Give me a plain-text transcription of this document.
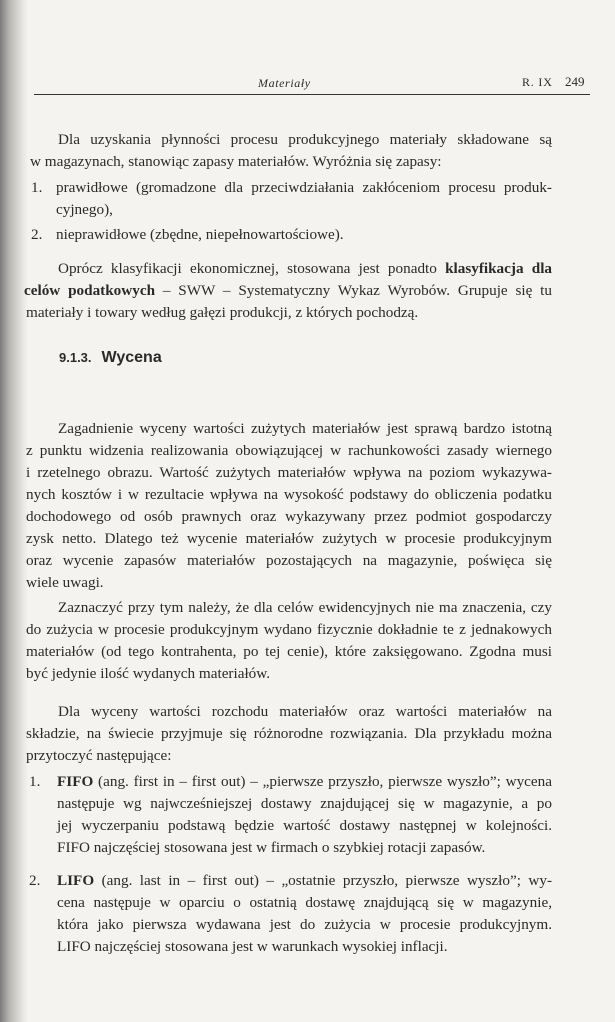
Materiały	R. IX 249
Dla uzyskania płynności procesu produkcyjnego materiały składowane są
w magazynach, stanowiąc zapasy materiałów. Wyróżnia się zapasy:
1. prawidłowe (gromadzone dla przeciwdziałania zakłóceniom procesu produk-
cyjnego),
2. nieprawidłowe (zbędne, niepełnowartościowe).
Oprócz klasyfikacji ekonomicznej, stosowana jest ponadto klasyfikacja dla
celów podatkowych – SWW – Systematyczny Wykaz Wyrobów. Grupuje się tu
materiały i towary według gałęzi produkcji, z których pochodzą.
9.1.3. Wycena
Zagadnienie wyceny wartości zużytych materiałów jest sprawą bardzo istotną
z punktu widzenia realizowania obowiązującej w rachunkowości zasady wiernego
i rzetelnego obrazu. Wartość zużytych materiałów wpływa na poziom wykazywa-
nych kosztów i w rezultacie wpływa na wysokość podstawy do obliczenia podatku
dochodowego od osób prawnych oraz wykazywany przez podmiot gospodarczy
zysk netto. Dlatego też wycenie materiałów zużytych w procesie produkcyjnym
oraz wycenie zapasów materiałów pozostających na magazynie, poświęca się
wiele uwagi.
Zaznaczyć przy tym należy, że dla celów ewidencyjnych nie ma znaczenia, czy
do zużycia w procesie produkcyjnym wydano fizycznie dokładnie te z jednakowych
materiałów (od tego kontrahenta, po tej cenie), które zaksięgowano. Zgodna musi
być jedynie ilość wydanych materiałów.
Dla wyceny wartości rozchodu materiałów oraz wartości materiałów na
składzie, na świecie przyjmuje się różnorodne rozwiązania. Dla przykładu można
przytoczyć następujące:
1. FIFO (ang. first in – first out) – „pierwsze przyszło, pierwsze wyszło”; wycena
następuje wg najwcześniejszej dostawy znajdującej się w magazynie, a po
jej wyczerpaniu podstawą będzie wartość dostawy następnej w kolejności.
FIFO najczęściej stosowana jest w firmach o szybkiej rotacji zapasów.
2. LIFO (ang. last in – first out) – „ostatnie przyszło, pierwsze wyszło”; wy-
cena następuje w oparciu o ostatnią dostawę znajdującą się w magazynie,
która jako pierwsza wydawana jest do zużycia w procesie produkcyjnym.
LIFO najczęściej stosowana jest w warunkach wysokiej inflacji.
